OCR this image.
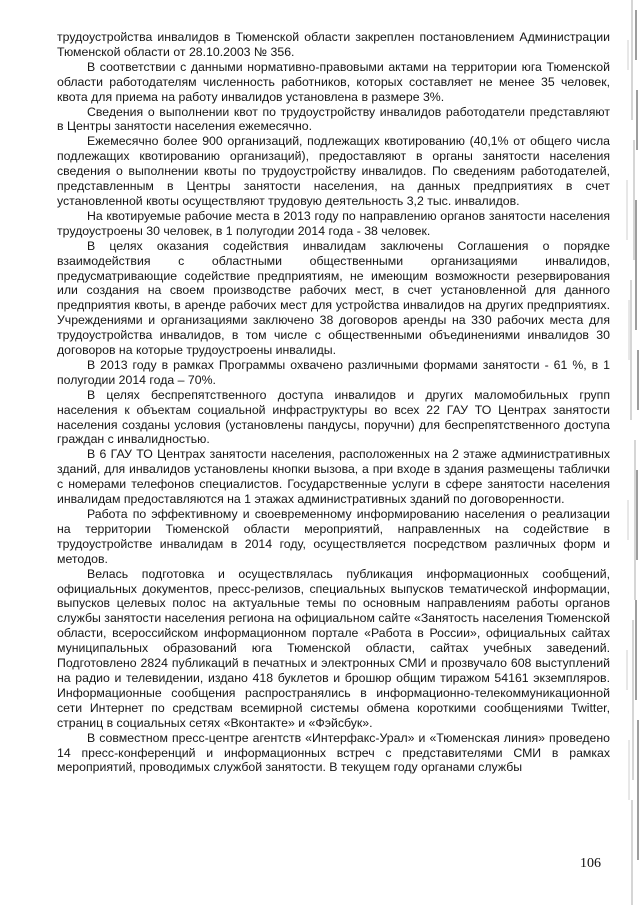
трудоустройства инвалидов в Тюменской области закреплен постановлением Администрации Тюменской области от 28.10.2003 № 356.

В соответствии с данными нормативно-правовыми актами на территории юга Тюменской области работодателям численность работников, которых составляет не менее 35 человек, квота для приема на работу инвалидов установлена в размере 3%.

Сведения о выполнении квот по трудоустройству инвалидов работодатели представляют в Центры занятости населения ежемесячно.

Ежемесячно более 900 организаций, подлежащих квотированию (40,1% от общего числа подлежащих квотированию организаций), предоставляют в органы занятости населения сведения о выполнении квоты по трудоустройству инвалидов. По сведениям работодателей, представленным в Центры занятости населения, на данных предприятиях в счет установленной квоты осуществляют трудовую деятельность 3,2 тыс. инвалидов.

На квотируемые рабочие места в 2013 году по направлению органов занятости населения трудоустроены 30 человек, в 1 полугодии 2014 года - 38 человек.

В целях оказания содействия инвалидам заключены Соглашения о порядке взаимодействия с областными общественными организациями инвалидов, предусматривающие содействие предприятиям, не имеющим возможности резервирования или создания на своем производстве рабочих мест, в счет установленной для данного предприятия квоты, в аренде рабочих мест для устройства инвалидов на других предприятиях. Учреждениями и организациями заключено 38 договоров аренды на 330 рабочих места для трудоустройства инвалидов, в том числе с общественными объединениями инвалидов 30 договоров на которые трудоустроены инвалиды.

В 2013 году в рамках Программы охвачено различными формами занятости - 61 %, в 1 полугодии 2014 года – 70%.

В целях беспрепятственного доступа инвалидов и других маломобильных групп населения к объектам социальной инфраструктуры во всех 22 ГАУ ТО Центрах занятости населения созданы условия (установлены пандусы, поручни) для беспрепятственного доступа граждан с инвалидностью.

В 6 ГАУ ТО Центрах занятости населения, расположенных на 2 этаже административных зданий, для инвалидов установлены кнопки вызова, а при входе в здания размещены таблички с номерами телефонов специалистов. Государственные услуги в сфере занятости населения инвалидам предоставляются на 1 этажах административных зданий по договоренности.

Работа по эффективному и своевременному информированию населения о реализации на территории Тюменской области мероприятий, направленных на содействие в трудоустройстве инвалидам в 2014 году, осуществляется посредством различных форм и методов.

Велась подготовка и осуществлялась публикация информационных сообщений, официальных документов, пресс-релизов, специальных выпусков тематической информации, выпусков целевых полос на актуальные темы по основным направлениям работы органов службы занятости населения региона на официальном сайте «Занятость населения Тюменской области, всероссийском информационном портале «Работа в России», официальных сайтах муниципальных образований юга Тюменской области, сайтах учебных заведений. Подготовлено 2824 публикаций в печатных и электронных СМИ и прозвучало 608 выступлений на радио и телевидении, издано 418 буклетов и брошюр общим тиражом 54161 экземпляров. Информационные сообщения распространялись в информационно-телекоммуникационной сети Интернет по средствам всемирной системы обмена короткими сообщениями Twitter, страниц в социальных сетях «Вконтакте» и «Фэйсбук».

В совместном пресс-центре агентств «Интерфакс-Урал» и «Тюменская линия» проведено 14 пресс-конференций и информационных встреч с представителями СМИ в рамках мероприятий, проводимых службой занятости. В текущем году органами службы

106
